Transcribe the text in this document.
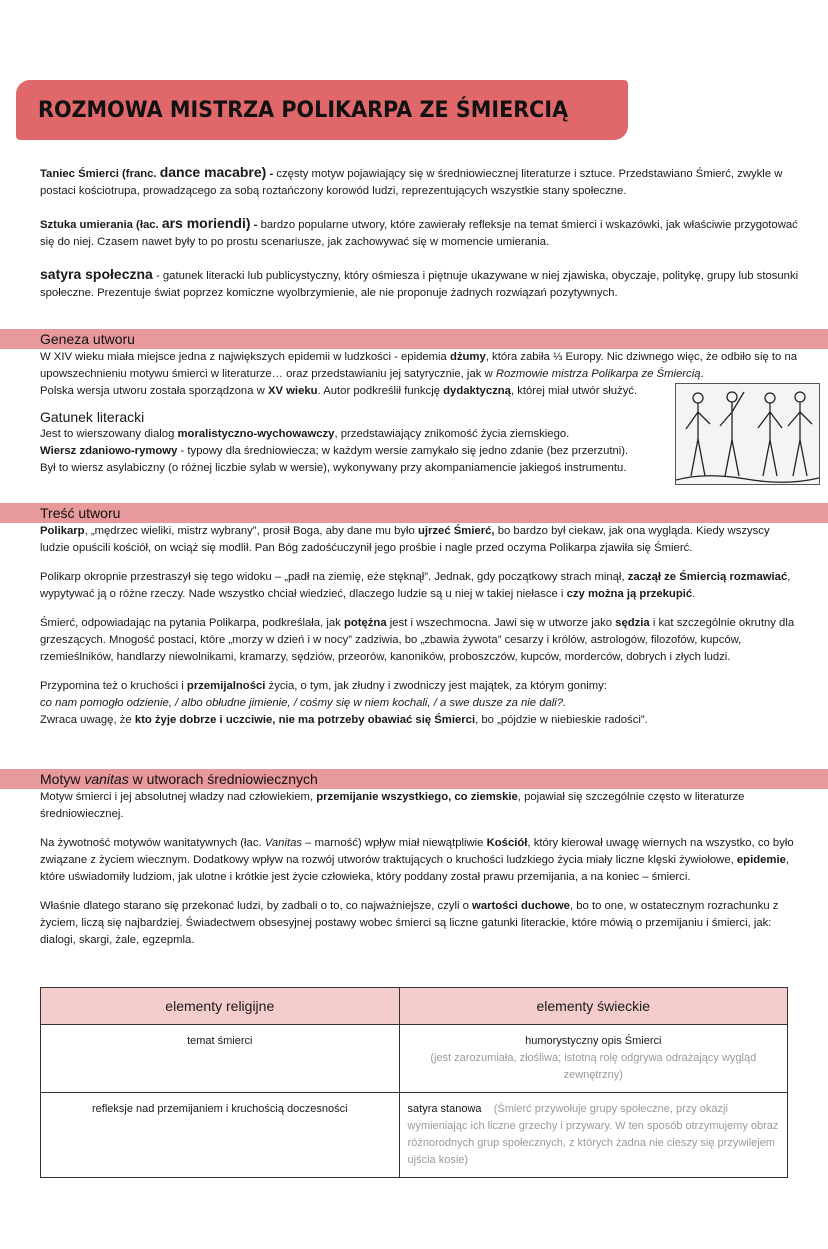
ROZMOWA MISTRZA POLIKARPA ZE ŚMIERCIĄ
Taniec Śmierci (franc. dance macabre) - częsty motyw pojawiający się w średniowiecznej literaturze i sztuce. Przedstawiano Śmierć, zwykle w postaci kościotrupa, prowadzącego za sobą roztańczony korowód ludzi, reprezentujących wszystkie stany społeczne.
Sztuka umierania (łac. ars moriendi) - bardzo popularne utwory, które zawierały refleksje na temat śmierci i wskazówki, jak właściwie przygotować się do niej. Czasem nawet były to po prostu scenariusze, jak zachowywać się w momencie umierania.
satyra społeczna - gatunek literacki lub publicystyczny, który ośmiesza i piętnuje ukazywane w niej zjawiska, obyczaje, politykę, grupy lub stosunki społeczne. Prezentuje świat poprzez komiczne wyolbrzymienie, ale nie proponuje żadnych rozwiązań pozytywnych.
Geneza utworu
W XIV wieku miała miejsce jedna z największych epidemii w ludzkości - epidemia dżumy, która zabiła ⅓ Europy. Nic dziwnego więc, że odbiło się to na upowszechnieniu motywu śmierci w literaturze… oraz przedstawianiu jej satyrycznie, jak w Rozmowie mistrza Polikarpa ze Śmiercią.
Polska wersja utworu została sporządzona w XV wieku. Autor podkreślił funkcję dydaktyczną, której miał utwór służyć.
Gatunek literacki
Jest to wierszowany dialog moralistyczno-wychowawczy, przedstawiający znikomość życia ziemskiego.
Wiersz zdaniowo-rymowy - typowy dla średniowiecza; w każdym wersie zamykało się jedno zdanie (bez przerzutni).
Był to wiersz asylabiczny (o różnej liczbie sylab w wersie), wykonywany przy akompaniamencie jakiegoś instrumentu.
Treść utworu
Polikarp, „mędrzec wieliki, mistrz wybrany”, prosił Boga, aby dane mu było ujrzeć Śmierć, bo bardzo był ciekaw, jak ona wygląda. Kiedy wszyscy ludzie opuścili kościół, on wciąż się modlił. Pan Bóg zadośćuczynił jego prośbie i nagle przed oczyma Polikarpa zjawiła się Śmierć.
Polikarp okropnie przestraszył się tego widoku – „padł na ziemię, eże stęknął”. Jednak, gdy początkowy strach minął, zaczął ze Śmiercią rozmawiać, wypytywać ją o różne rzeczy. Nade wszystko chciał wiedzieć, dlaczego ludzie są u niej w takiej niełasce i czy można ją przekupić.
Śmierć, odpowiadając na pytania Polikarpa, podkreślała, jak potężna jest i wszechmocna. Jawi się w utworze jako sędzia i kat szczególnie okrutny dla grzeszących. Mnogość postaci, które „morzy w dzień i w nocy” zadziwia, bo „zbawia żywota” cesarzy i królów, astrologów, filozofów, kupców, rzemieślników, handlarzy niewolnikami, kramarzy, sędziów, przeorów, kanoników, proboszczów, kupców, morderców, dobrych i złych ludzi.
Przypomina też o kruchości i przemijalności życia, o tym, jak złudny i zwodniczy jest majątek, za którym gonimy:
co nam pomogło odzienie, / albo obłudne jimienie, / cośmy się w niem kochali, / a swe dusze za nie dali?.
Zwraca uwagę, że kto żyje dobrze i uczciwie, nie ma potrzeby obawiać się Śmierci, bo „pójdzie w niebieskie radości”.
Motyw vanitas w utworach średniowiecznych
Motyw śmierci i jej absolutnej władzy nad człowiekiem, przemijanie wszystkiego, co ziemskie, pojawiał się szczególnie często w literaturze średniowiecznej.
Na żywotność motywów wanitatywnych (łac. Vanitas – marność) wpływ miał niewątpliwie Kościół, który kierował uwagę wiernych na wszystko, co było związane z życiem wiecznym. Dodatkowy wpływ na rozwój utworów traktujących o kruchości ludzkiego życia miały liczne klęski żywiołowe, epidemie, które uświadomiły ludziom, jak ulotne i krótkie jest życie człowieka, który poddany został prawu przemijania, a na koniec – śmierci.
Właśnie dlatego starano się przekonać ludzi, by zadbali o to, co najważniejsze, czyli o wartości duchowe, bo to one, w ostatecznym rozrachunku z życiem, liczą się najbardziej. Świadectwem obsesyjnej postawy wobec śmierci są liczne gatunki literackie, które mówią o przemijaniu i śmierci, jak: dialogi, skargi, żale, egzepmla.
elementy religijne	elementy świeckie
temat śmierci	humorystyczny opis Śmierci
(jest zarozumiała, złośliwa; istotną rolę odgrywa odrażający wygląd zewnętrzny)

refleksje nad przemijaniem i kruchością doczesności	satyra stanowa (Śmierć przywołuje grupy społeczne, przy okazji wymieniając ich liczne grzechy i przywary. W ten sposób otrzymujemy obraz różnorodnych grup społecznych, z których żadna nie cieszy się przywilejem ujścia kosie)
